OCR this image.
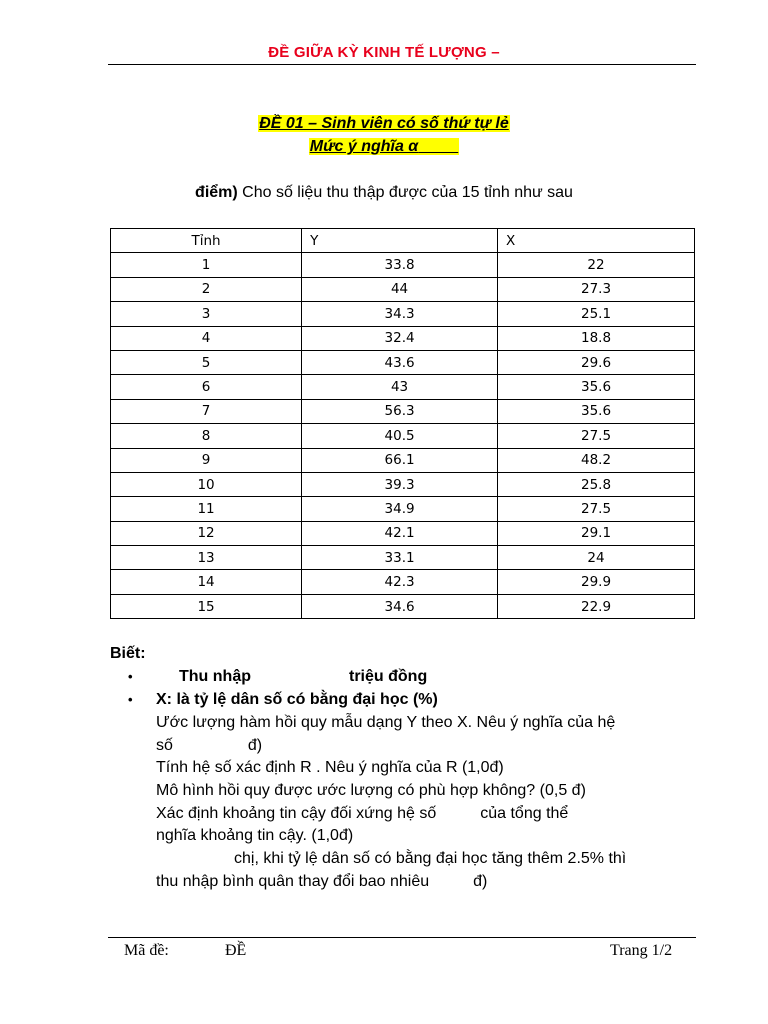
ĐỀ GIỮA KỲ KINH TẾ LƯỢNG –
ĐỀ 01 – Sinh viên có số thứ tự lẻ
Mức ý nghĩa α
điểm) Cho số liệu thu thập được của 15 tỉnh như sau
Tỉnh	Y	X
1	33.8	22
2	44	27.3
3	34.3	25.1
4	32.4	18.8
5	43.6	29.6
6	43	35.6
7	56.3	35.6
8	40.5	27.5
9	66.1	48.2
10	39.3	25.8
11	34.9	27.5
12	42.1	29.1
13	33.1	24
14	42.3	29.9
15	34.6	22.9
Biết:
•	Thu nhập	triệu đồng
• X: là tỷ lệ dân số có bằng đại học (%)
Ước lượng hàm hồi quy mẫu dạng Y theo X. Nêu ý nghĩa của hệ
số	đ)
Tính hệ số xác định R . Nêu ý nghĩa của R (1,0đ)
Mô hình hồi quy được ước lượng có phù hợp không? (0,5 đ)
Xác định khoảng tin cậy đối xứng hệ số	của tổng thể
nghĩa khoảng tin cậy. (1,0đ)
chị, khi tỷ lệ dân số có bằng đại học tăng thêm 2.5% thì
thu nhập bình quân thay đổi bao nhiêu	đ)
Mã đề:	ĐỀ	Trang 1/2
